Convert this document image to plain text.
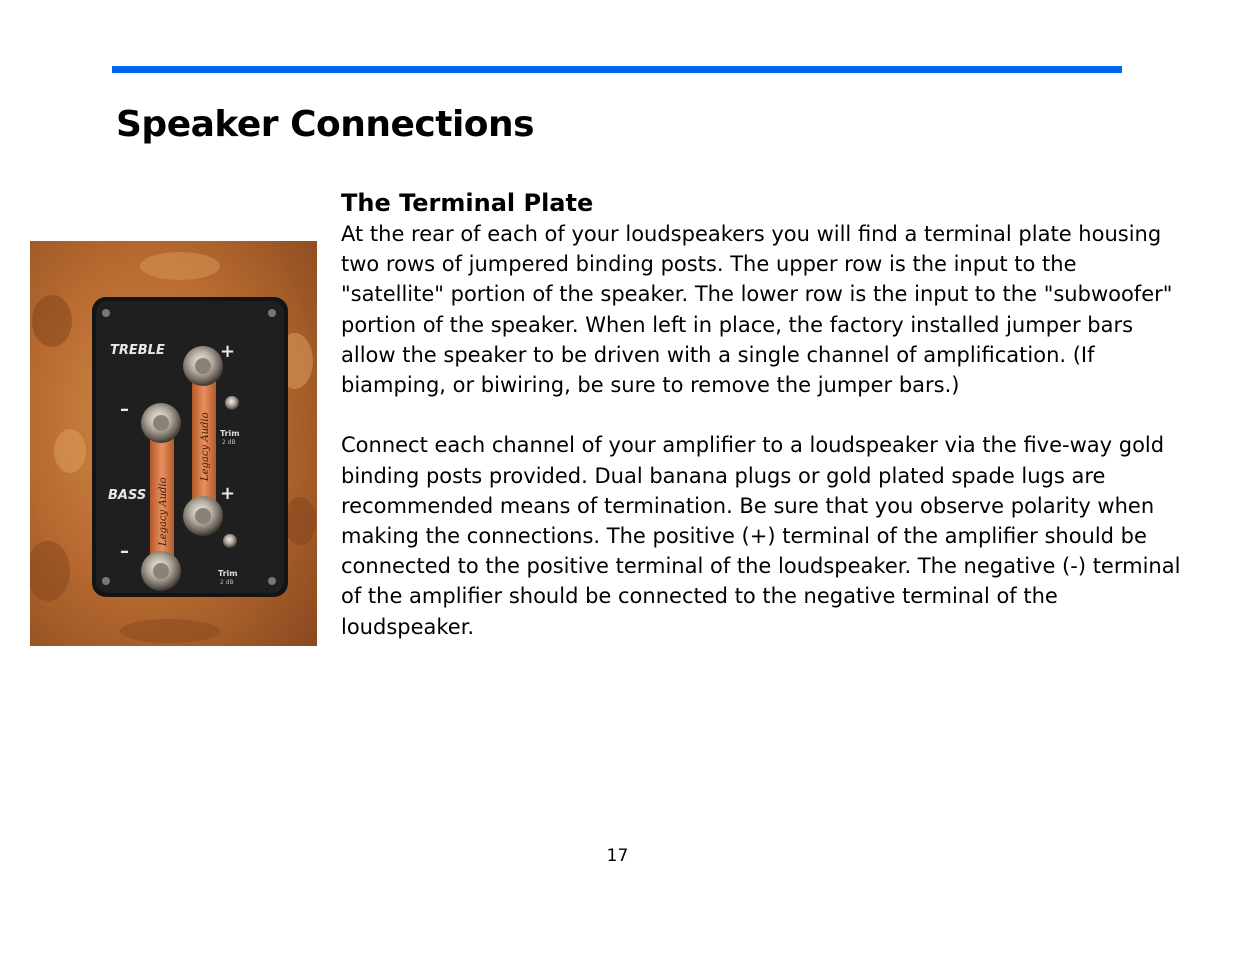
Speaker Connections
TREBLE
BASS
+
–
+
–
Trim
2 dB
Trim
2 dB
Legacy Audio
Legacy Audio
The Terminal Plate

At the rear of each of your loudspeakers you will find a terminal plate housing two rows of jumpered binding posts. The upper row is the input to the "satellite" portion of the speaker. The lower row is the input to the "subwoofer" portion of the speaker. When left in place, the factory installed jumper bars allow the speaker to be driven with a single channel of amplification. (If biamping, or biwiring, be sure to remove the jumper bars.)

Connect each channel of your amplifier to a loudspeaker via the five-way gold binding posts provided. Dual banana plugs or gold plated spade lugs are recommended means of termination. Be sure that you observe polarity when making the connections. The positive (+) terminal of the amplifier should be connected to the positive terminal of the loudspeaker. The negative (-) terminal of the amplifier should be connected to the negative terminal of the loudspeaker.

17
